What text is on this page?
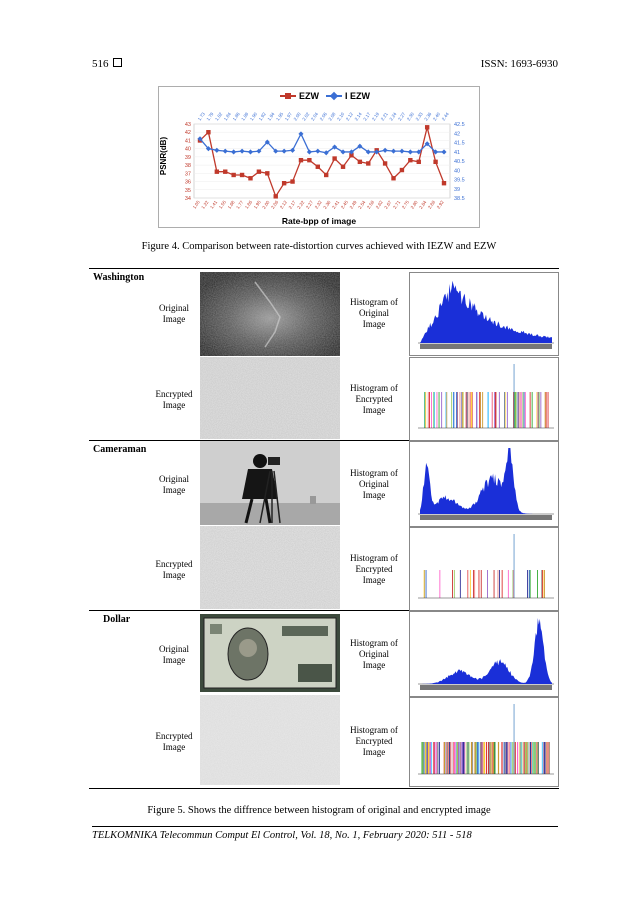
516	ISSN: 1693-6930
EZW	I EZW
PSNR(dB)
Rate-bpp of image
43
42
41
40
39
38
37
36
35
34
42.5
42
41.5
41
40.5
40
39.5
39
38.5
1.73 1.79 1.82 1.84 1.86 1.89 1.90 1.92 1.94 1.95 1.97 2.00 2.02 2.04 2.06 2.08 2.10 2.12 2.14 2.17 2.19 2.21 2.24 2.27 2.30 2.33 2.36 2.40 2.44
1.05 1.22 1.41 1.55 1.68 1.77 1.86 1.95 2.00 2.06 2.12 2.17 2.22 2.27 2.32 2.36 2.41 2.45 2.49 2.54 2.58 2.62 2.67 2.71 2.75 2.80 2.84 2.88 2.92
Figure 4. Comparison between rate-distortion curves achieved with IEZW and EZW
Washington
Cameraman
Dollar
Original
Image
Encrypted
Image
Histogram of
Original
Image
Histogram of
Encrypted
Image
Original
Image
Encrypted
Image
Histogram of
Original
Image
Histogram of
Encrypted
Image
Original
Image
Encrypted
Image
Histogram of
Original
Image
Histogram of
Encrypted
Image
Figure 5. Shows the diffrence between histogram of original and encrypted image
TELKOMNIKA Telecommun Comput El Control, Vol. 18, No. 1, February 2020: 511 - 518
